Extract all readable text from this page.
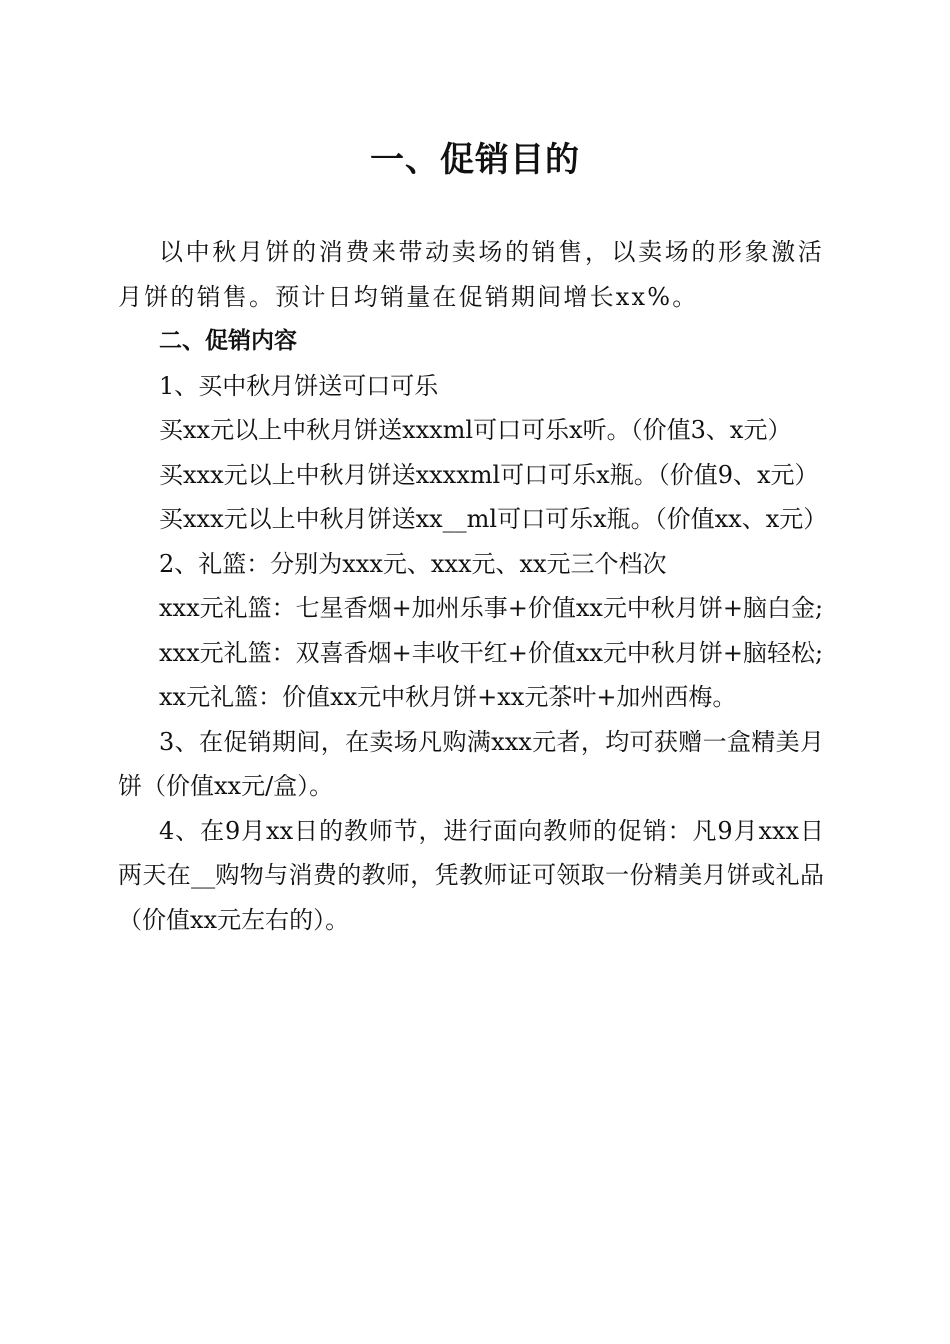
一、促销目的

以中秋月饼的消费来带动卖场的销售，以卖场的形象激活月饼的销售。预计日均销量在促销期间增长xx%。

二、促销内容

1、买中秋月饼送可口可乐

买xx元以上中秋月饼送xxxml可口可乐x听。（价值3、x元）

买xxx元以上中秋月饼送xxxxml可口可乐x瓶。（价值9、x元）

买xxx元以上中秋月饼送xx__ml可口可乐x瓶。（价值xx、x元）

2、礼篮：分别为xxx元、xxx元、xx元三个档次

xxx元礼篮：七星香烟+加州乐事+价值xx元中秋月饼+脑白金;

xxx元礼篮：双喜香烟+丰收干红+价值xx元中秋月饼+脑轻松;

xx元礼篮：价值xx元中秋月饼+xx元茶叶+加州西梅。

3、在促销期间，在卖场凡购满xxx元者，均可获赠一盒精美月饼（价值xx元/盒）。

4、在9月xx日的教师节，进行面向教师的促销：凡9月xxx日两天在__购物与消费的教师，凭教师证可领取一份精美月饼或礼品（价值xx元左右的）。
